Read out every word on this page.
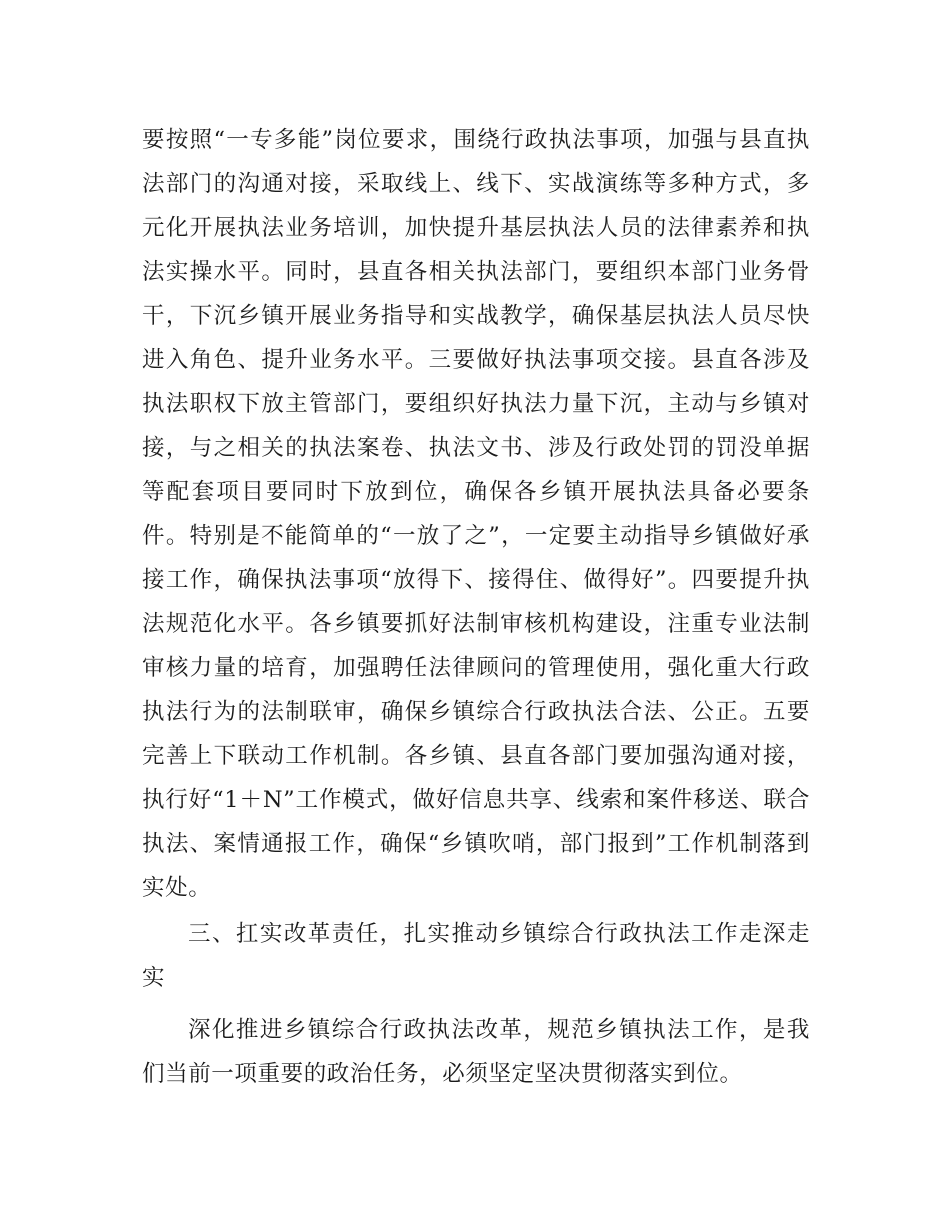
要按照“一专多能”岗位要求，围绕行政执法事项，加强与县直执法部门的沟通对接，采取线上、线下、实战演练等多种方式，多元化开展执法业务培训，加快提升基层执法人员的法律素养和执法实操水平。同时，县直各相关执法部门，要组织本部门业务骨干，下沉乡镇开展业务指导和实战教学，确保基层执法人员尽快进入角色、提升业务水平。三要做好执法事项交接。县直各涉及执法职权下放主管部门，要组织好执法力量下沉，主动与乡镇对接，与之相关的执法案卷、执法文书、涉及行政处罚的罚没单据等配套项目要同时下放到位，确保各乡镇开展执法具备必要条件。特别是不能简单的“一放了之”，一定要主动指导乡镇做好承接工作，确保执法事项“放得下、接得住、做得好”。四要提升执法规范化水平。各乡镇要抓好法制审核机构建设，注重专业法制审核力量的培育，加强聘任法律顾问的管理使用，强化重大行政执法行为的法制联审，确保乡镇综合行政执法合法、公正。五要完善上下联动工作机制。各乡镇、县直各部门要加强沟通对接，执行好“1＋N”工作模式，做好信息共享、线索和案件移送、联合执法、案情通报工作，确保“乡镇吹哨，部门报到”工作机制落到实处。

三、扛实改革责任，扎实推动乡镇综合行政执法工作走深走实

深化推进乡镇综合行政执法改革，规范乡镇执法工作，是我们当前一项重要的政治任务，必须坚定坚决贯彻落实到位。
